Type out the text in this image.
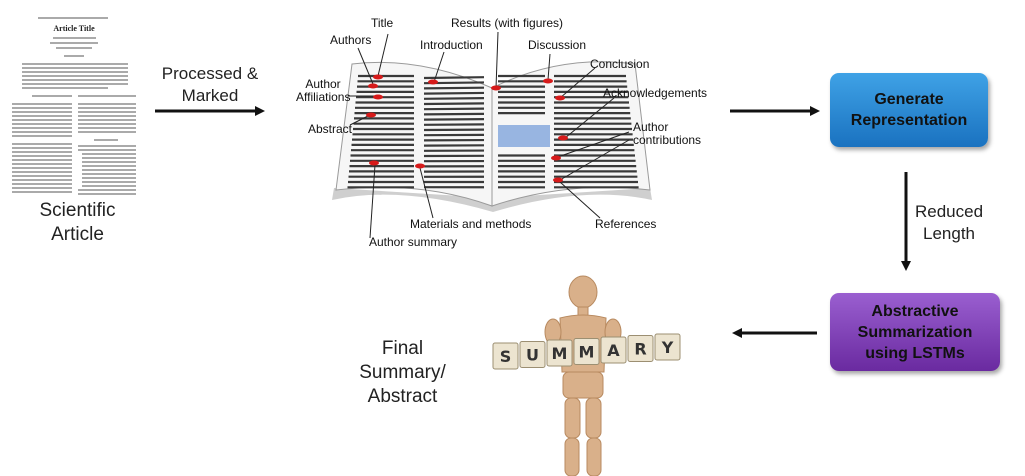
Article Title
S U M M A R Y
Scientific
Article
Processed &
Marked
Reduced
Length
Title
Authors
Results (with figures)
Introduction	Discussion
Conclusion
Author
Affiliations	Acknowledgements
Abstract	Author
contributions
Materials and methods	References
Author summary
Generate
Representation
Abstractive
Summarization
using LSTMs
Final
Summary/
Abstract
